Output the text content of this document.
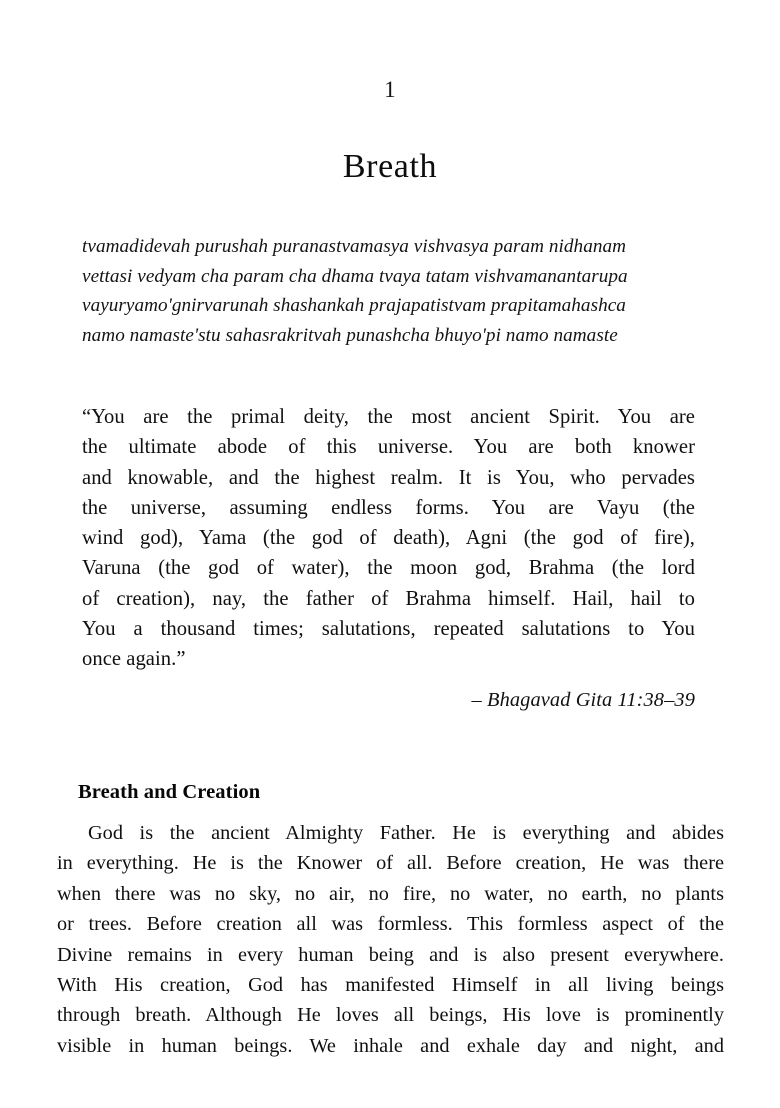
1
Breath
tvamadidevah purushah puranastvamasya vishvasya param nidhanam
vettasi vedyam cha param cha dhama tvaya tatam vishvamanantarupa
vayuryamo'gnirvarunah shashankah prajapatistvam prapitamahashca
namo namaste'stu sahasrakritvah punashcha bhuyo'pi namo namaste

“You are the primal deity, the most ancient Spirit. You are
the ultimate abode of this universe. You are both knower
and knowable, and the highest realm. It is You, who pervades
the universe, assuming endless forms. You are Vayu (the
wind god), Yama (the god of death), Agni (the god of fire),
Varuna (the god of water), the moon god, Brahma (the lord
of creation), nay, the father of Brahma himself. Hail, hail to
You a thousand times; salutations, repeated salutations to You
once again.”

– Bhagavad Gita 11:38–39
Breath and Creation

God is the ancient Almighty Father. He is everything and abides
in everything. He is the Knower of all. Before creation, He was there
when there was no sky, no air, no fire, no water, no earth, no plants
or trees. Before creation all was formless. This formless aspect of the
Divine remains in every human being and is also present everywhere.
With His creation, God has manifested Himself in all living beings
through breath. Although He loves all beings, His love is prominently
visible in human beings. We inhale and exhale day and night, and
